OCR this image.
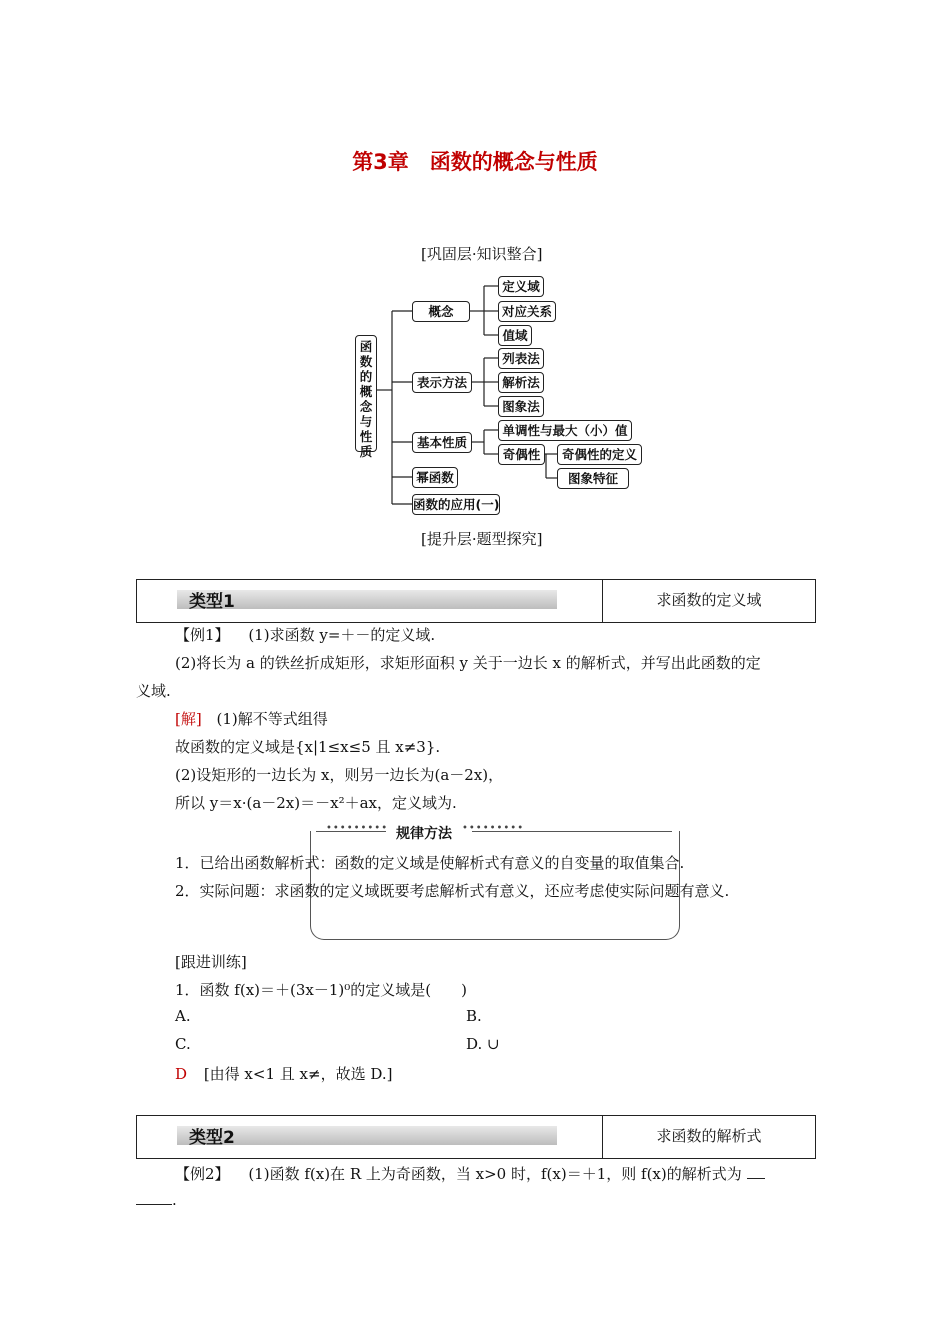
第3章　函数的概念与性质
[巩固层·知识整合]
函数的概念与性质
概念
定义域
对应关系
值域
表示方法
列表法
解析法
图象法
基本性质
单调性与最大（小）值
奇偶性	奇偶性的定义
图象特征
幂函数
函数的应用(一)
[提升层·题型探究]
类型1	求函数的定义域
【例1】 (1)求函数 y=＋－的定义域.
(2)将长为 a 的铁丝折成矩形，求矩形面积 y 关于一边长 x 的解析式，并写出此函数的定
义域.
[解] (1)解不等式组得
故函数的定义域是{x|1≤x≤5 且 x≠3}.
(2)设矩形的一边长为 x，则另一边长为(a－2x)，
所以 y＝x·(a－2x)＝－x²＋ax，定义域为.
••••••••• 规律方法 •••••••••
1．已给出函数解析式：函数的定义域是使解析式有意义的自变量的取值集合.
2．实际问题：求函数的定义域既要考虑解析式有意义，还应考虑使实际问题有意义.
[跟进训练]
1．函数 f(x)＝＋(3x－1)⁰的定义域是(　　)
A.	B.
C.	D. ∪
D [由得 x<1 且 x≠，故选 D.]
类型2	求函数的解析式
【例2】 (1)函数 f(x)在 R 上为奇函数，当 x>0 时，f(x)＝＋1，则 f(x)的解析式为
.
